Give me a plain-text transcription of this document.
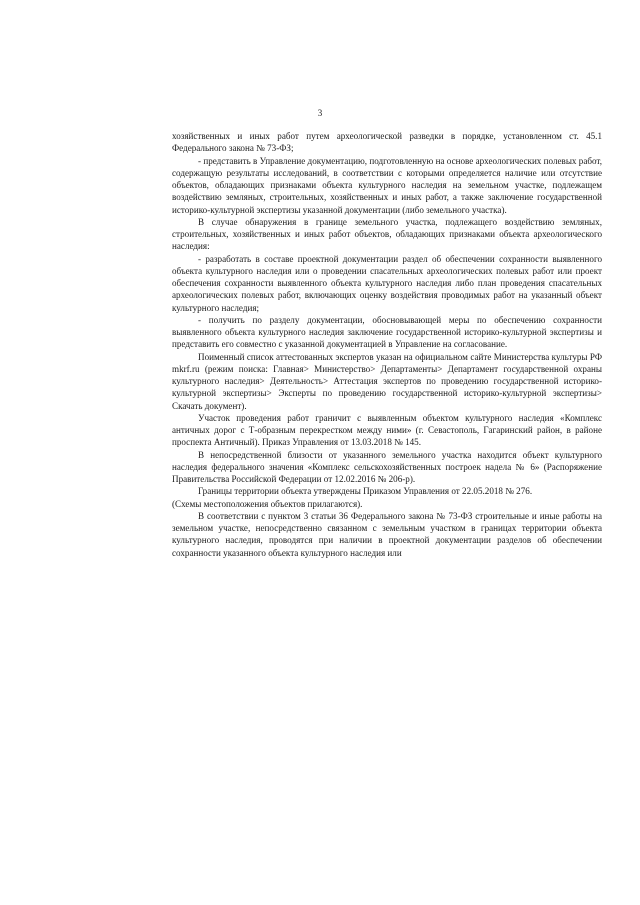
3

хозяйственных и иных работ путем археологической разведки в порядке, установленном ст. 45.1 Федерального закона № 73-ФЗ;

- представить в Управление документацию, подготовленную на основе археологических полевых работ, содержащую результаты исследований, в соответствии с которыми определяется наличие или отсутствие объектов, обладающих признаками объекта культурного наследия на земельном участке, подлежащем воздействию земляных, строительных, хозяйственных и иных работ, а также заключение государственной историко-культурной экспертизы указанной документации (либо земельного участка).

В случае обнаружения в границе земельного участка, подлежащего воздействию земляных, строительных, хозяйственных и иных работ объектов, обладающих признаками объекта археологического наследия:

- разработать в составе проектной документации раздел об обеспечении сохранности выявленного объекта культурного наследия или о проведении спасательных археологических полевых работ или проект обеспечения сохранности выявленного объекта культурного наследия либо план проведения спасательных археологических полевых работ, включающих оценку воздействия проводимых работ на указанный объект культурного наследия;

- получить по разделу документации, обосновывающей меры по обеспечению сохранности выявленного объекта культурного наследия заключение государственной историко-культурной экспертизы и представить его совместно с указанной документацией в Управление на согласование.

Поименный список аттестованных экспертов указан на официальном сайте Министерства культуры РФ mkrf.ru (режим поиска: Главная> Министерство> Департаменты> Департамент государственной охраны культурного наследия> Деятельность> Аттестация экспертов по проведению государственной историко-культурной экспертизы> Эксперты по проведению государственной историко-культурной экспертизы> Скачать документ).

Участок проведения работ граничит с выявленным объектом культурного наследия «Комплекс античных дорог с Т-образным перекрестком между ними» (г. Севастополь, Гагаринский район, в районе проспекта Античный). Приказ Управления от 13.03.2018 № 145.

В непосредственной близости от указанного земельного участка находится объект культурного наследия федерального значения «Комплекс сельскохозяйственных построек надела № 6» (Распоряжение Правительства Российской Федерации от 12.02.2016 № 206-р).

Границы территории объекта утверждены Приказом Управления от 22.05.2018 № 276.

(Схемы местоположения объектов прилагаются).

В соответствии с пунктом 3 статьи 36 Федерального закона № 73-ФЗ строительные и иные работы на земельном участке, непосредственно связанном с земельным участком в границах территории объекта культурного наследия, проводятся при наличии в проектной документации разделов об обеспечении сохранности указанного объекта культурного наследия или
